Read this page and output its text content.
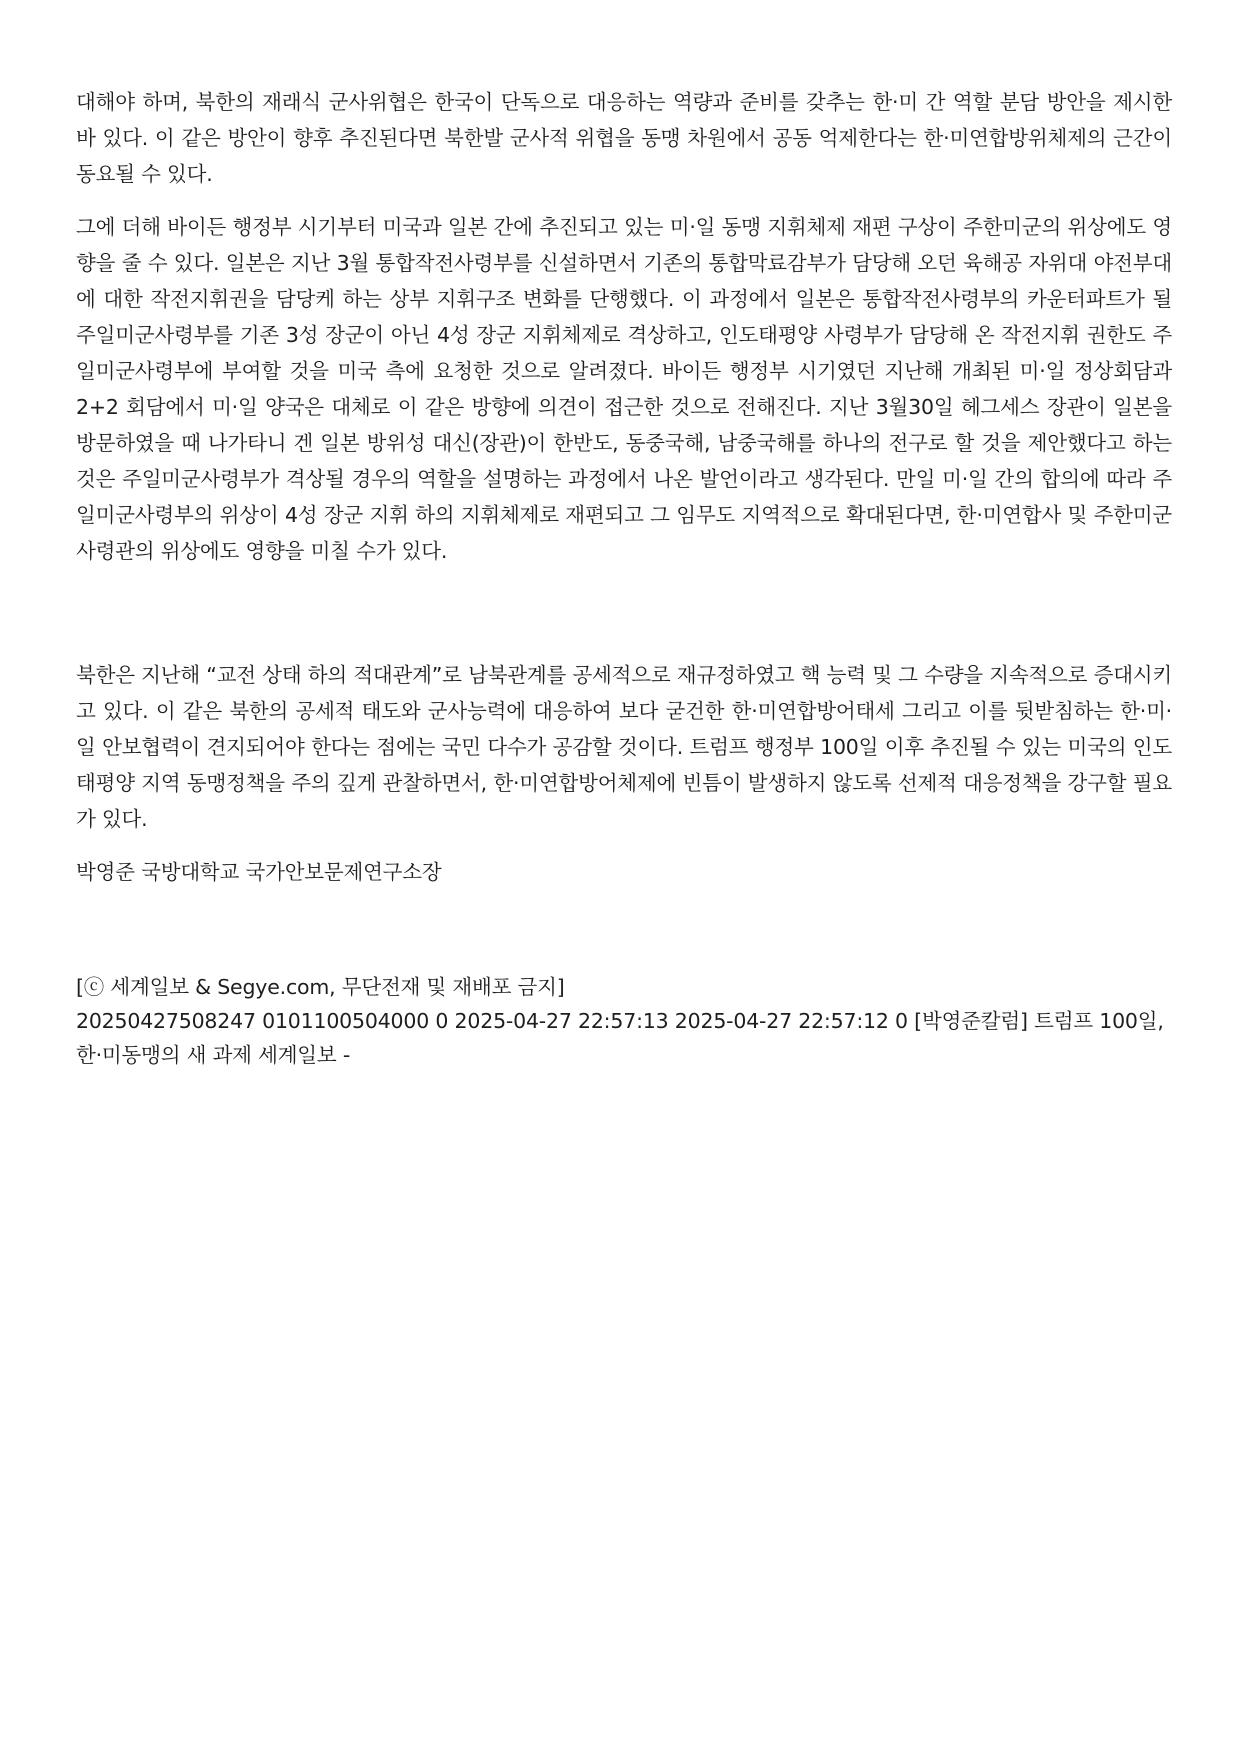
대해야 하며, 북한의 재래식 군사위협은 한국이 단독으로 대응하는 역량과 준비를 갖추는 한·미 간 역할 분담 방안을 제시한 바 있다. 이 같은 방안이 향후 추진된다면 북한발 군사적 위협을 동맹 차원에서 공동 억제한다는 한·미연합방위체제의 근간이 동요될 수 있다.

그에 더해 바이든 행정부 시기부터 미국과 일본 간에 추진되고 있는 미·일 동맹 지휘체제 재편 구상이 주한미군의 위상에도 영향을 줄 수 있다. 일본은 지난 3월 통합작전사령부를 신설하면서 기존의 통합막료감부가 담당해 오던 육해공 자위대 야전부대에 대한 작전지휘권을 담당케 하는 상부 지휘구조 변화를 단행했다. 이 과정에서 일본은 통합작전사령부의 카운터파트가 될 주일미군사령부를 기존 3성 장군이 아닌 4성 장군 지휘체제로 격상하고, 인도태평양 사령부가 담당해 온 작전지휘 권한도 주일미군사령부에 부여할 것을 미국 측에 요청한 것으로 알려졌다. 바이든 행정부 시기였던 지난해 개최된 미·일 정상회담과 2+2 회담에서 미·일 양국은 대체로 이 같은 방향에 의견이 접근한 것으로 전해진다. 지난 3월30일 헤그세스 장관이 일본을 방문하였을 때 나가타니 겐 일본 방위성 대신(장관)이 한반도, 동중국해, 남중국해를 하나의 전구로 할 것을 제안했다고 하는 것은 주일미군사령부가 격상될 경우의 역할을 설명하는 과정에서 나온 발언이라고 생각된다. 만일 미·일 간의 합의에 따라 주일미군사령부의 위상이 4성 장군 지휘 하의 지휘체제로 재편되고 그 임무도 지역적으로 확대된다면, 한·미연합사 및 주한미군사령관의 위상에도 영향을 미칠 수가 있다.

북한은 지난해 “교전 상태 하의 적대관계”로 남북관계를 공세적으로 재규정하였고 핵 능력 및 그 수량을 지속적으로 증대시키고 있다. 이 같은 북한의 공세적 태도와 군사능력에 대응하여 보다 굳건한 한·미연합방어태세 그리고 이를 뒷받침하는 한·미·일 안보협력이 견지되어야 한다는 점에는 국민 다수가 공감할 것이다. 트럼프 행정부 100일 이후 추진될 수 있는 미국의 인도태평양 지역 동맹정책을 주의 깊게 관찰하면서, 한·미연합방어체제에 빈틈이 발생하지 않도록 선제적 대응정책을 강구할 필요가 있다.

박영준 국방대학교 국가안보문제연구소장

[ⓒ 세계일보 & Segye.com, 무단전재 및 재배포 금지]
20250427508247 0101100504000 0 2025-04-27 22:57:13 2025-04-27 22:57:12 0 [박영준칼럼] 트럼프 100일, 한·미동맹의 새 과제 세계일보 -
